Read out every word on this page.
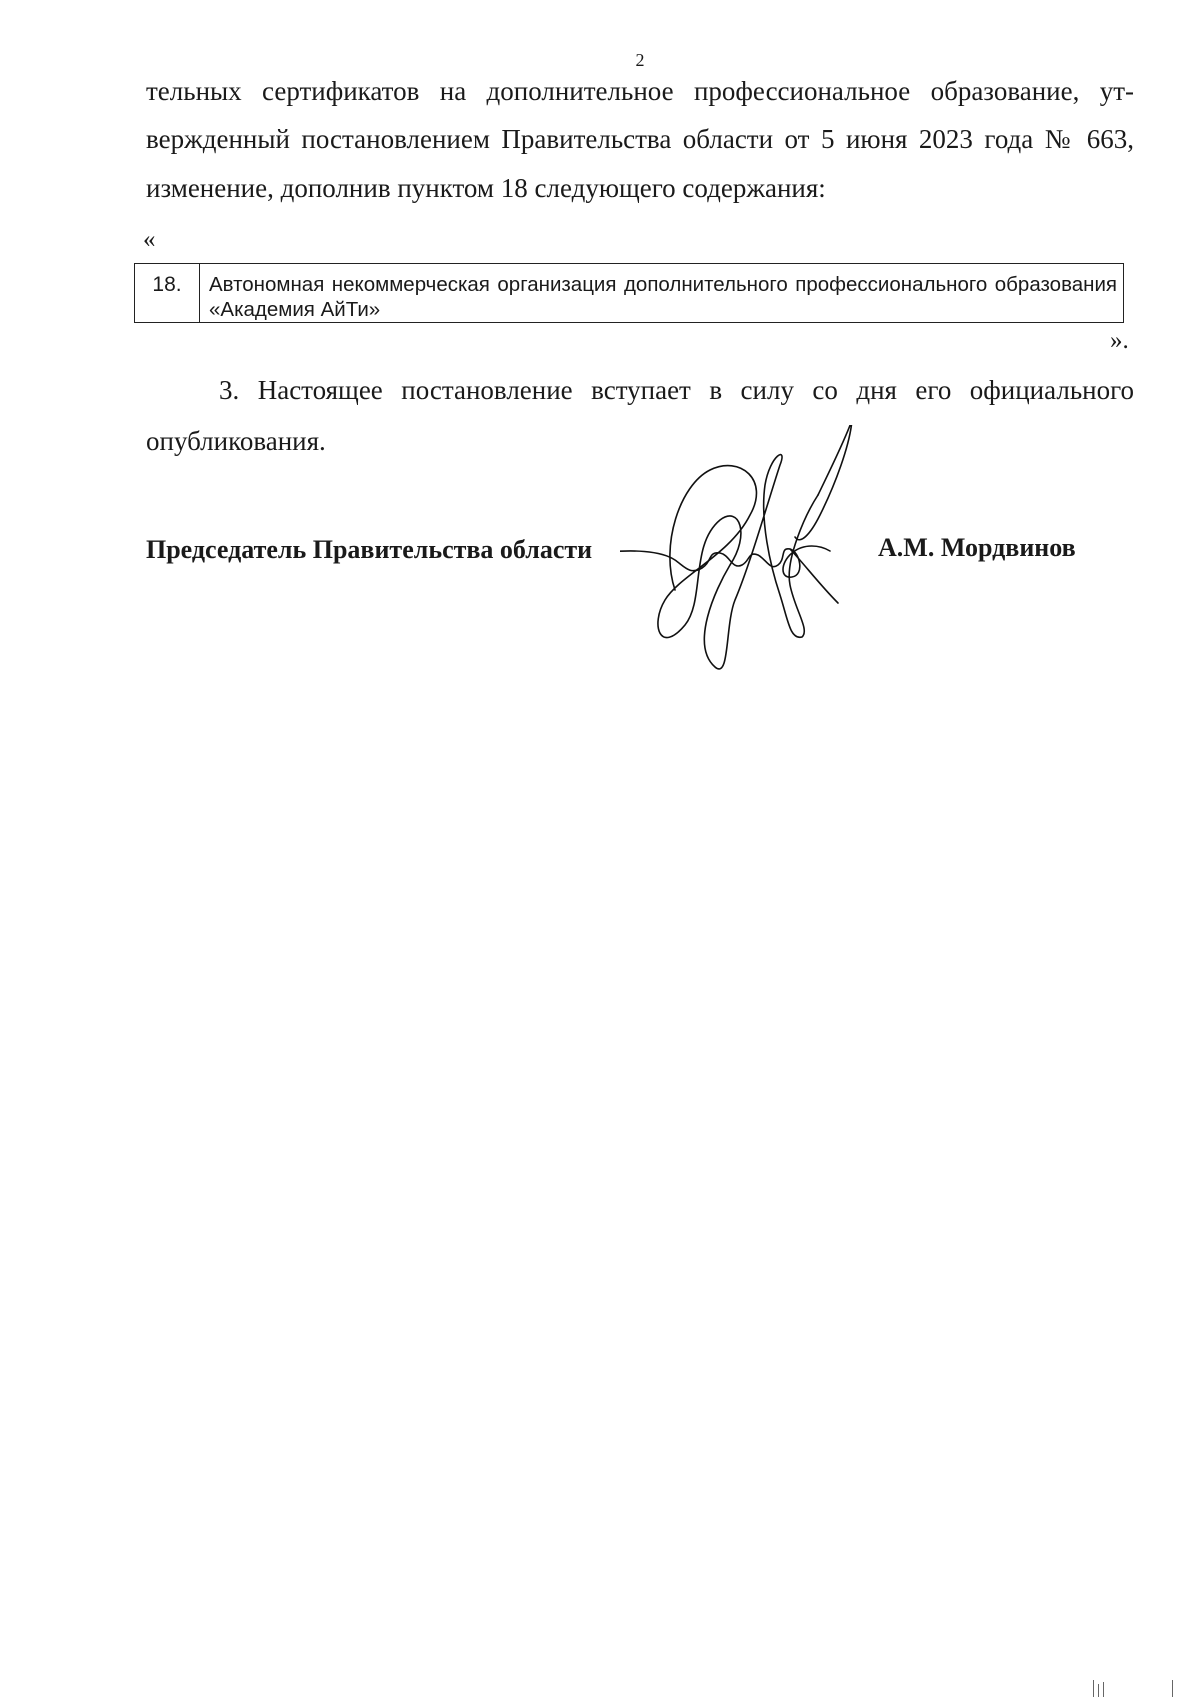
2
тельных сертификатов на дополнительное профессиональное образование, ут-
вержденный постановлением Правительства области от 5 июня 2023 года № 663,
изменение, дополнив пунктом 18 следующего содержания:
«
18.	Автономная некоммерческая организация дополнительного профессионального образования «Академия АйТи»
».
3. Настоящее постановление вступает в силу со дня его официального
опубликования.
Председатель Правительства области	А.М. Мордвинов
